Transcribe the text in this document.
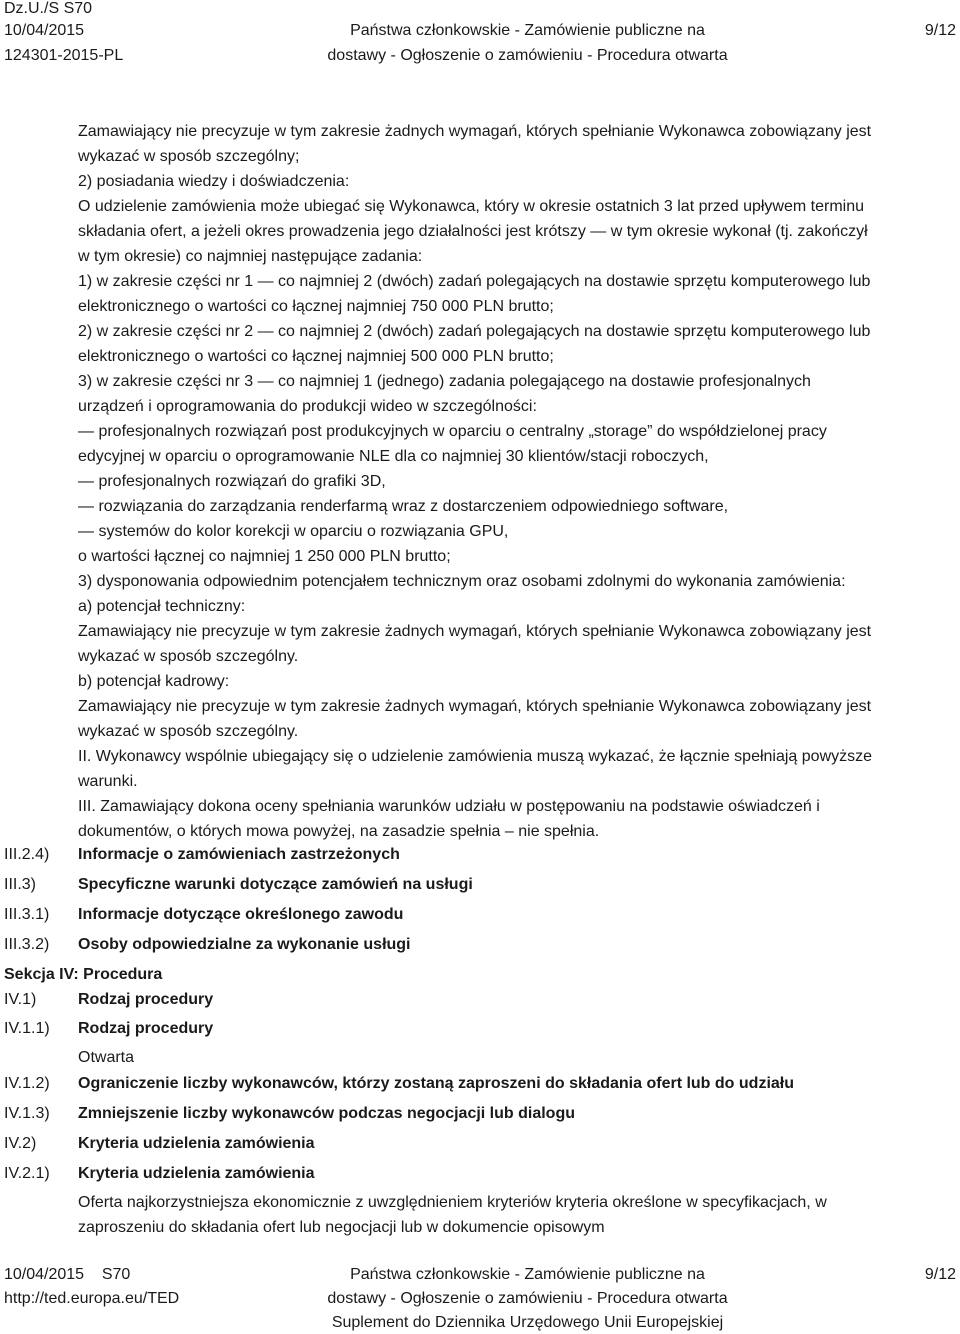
Dz.U./S S70
10/04/2015
124301-2015-PL
Państwa członkowskie - Zamówienie publiczne na
dostawy - Ogłoszenie o zamówieniu - Procedura otwarta
9/12

Zamawiający nie precyzuje w tym zakresie żadnych wymagań, których spełnianie Wykonawca zobowiązany jest

wykazać w sposób szczególny;

2) posiadania wiedzy i doświadczenia:

O udzielenie zamówienia może ubiegać się Wykonawca, który w okresie ostatnich 3 lat przed upływem terminu

składania ofert, a jeżeli okres prowadzenia jego działalności jest krótszy — w tym okresie wykonał (tj. zakończył

w tym okresie) co najmniej następujące zadania:

1) w zakresie części nr 1 — co najmniej 2 (dwóch) zadań polegających na dostawie sprzętu komputerowego lub

elektronicznego o wartości co łącznej najmniej 750 000 PLN brutto;

2) w zakresie części nr 2 — co najmniej 2 (dwóch) zadań polegających na dostawie sprzętu komputerowego lub

elektronicznego o wartości co łącznej najmniej 500 000 PLN brutto;

3) w zakresie części nr 3 — co najmniej 1 (jednego) zadania polegającego na dostawie profesjonalnych

urządzeń i oprogramowania do produkcji wideo w szczególności:

— profesjonalnych rozwiązań post produkcyjnych w oparciu o centralny „storage” do współdzielonej pracy

edycyjnej w oparciu o oprogramowanie NLE dla co najmniej 30 klientów/stacji roboczych,

— profesjonalnych rozwiązań do grafiki 3D,

— rozwiązania do zarządzania renderfarmą wraz z dostarczeniem odpowiedniego software,

— systemów do kolor korekcji w oparciu o rozwiązania GPU,

o wartości łącznej co najmniej 1 250 000 PLN brutto;

3) dysponowania odpowiednim potencjałem technicznym oraz osobami zdolnymi do wykonania zamówienia:

a) potencjał techniczny:

Zamawiający nie precyzuje w tym zakresie żadnych wymagań, których spełnianie Wykonawca zobowiązany jest

wykazać w sposób szczególny.

b) potencjał kadrowy:

Zamawiający nie precyzuje w tym zakresie żadnych wymagań, których spełnianie Wykonawca zobowiązany jest

wykazać w sposób szczególny.

II. Wykonawcy wspólnie ubiegający się o udzielenie zamówienia muszą wykazać, że łącznie spełniają powyższe

warunki.

III. Zamawiający dokona oceny spełniania warunków udziału w postępowaniu na podstawie oświadczeń i

dokumentów, o których mowa powyżej, na zasadzie spełnia – nie spełnia.

III.2.4) Informacje o zamówieniach zastrzeżonych
III.3)	Specyficzne warunki dotyczące zamówień na usługi
III.3.1) Informacje dotyczące określonego zawodu
III.3.2) Osoby odpowiedzialne za wykonanie usługi
Sekcja IV: Procedura
IV.1)	Rodzaj procedury
IV.1.1) Rodzaj procedury
Otwarta
IV.1.2) Ograniczenie liczby wykonawców, którzy zostaną zaproszeni do składania ofert lub do udziału
IV.1.3) Zmniejszenie liczby wykonawców podczas negocjacji lub dialogu
IV.2)	Kryteria udzielenia zamówienia
IV.2.1) Kryteria udzielenia zamówienia
Oferta najkorzystniejsza ekonomicznie z uwzględnieniem kryteriów kryteria określone w specyfikacjach, w
zaproszeniu do składania ofert lub negocjacji lub w dokumencie opisowym
10/04/2015    S70
http://ted.europa.eu/TED
Państwa członkowskie - Zamówienie publiczne na
dostawy - Ogłoszenie o zamówieniu - Procedura otwarta
Suplement do Dziennika Urzędowego Unii Europejskiej
9/12
